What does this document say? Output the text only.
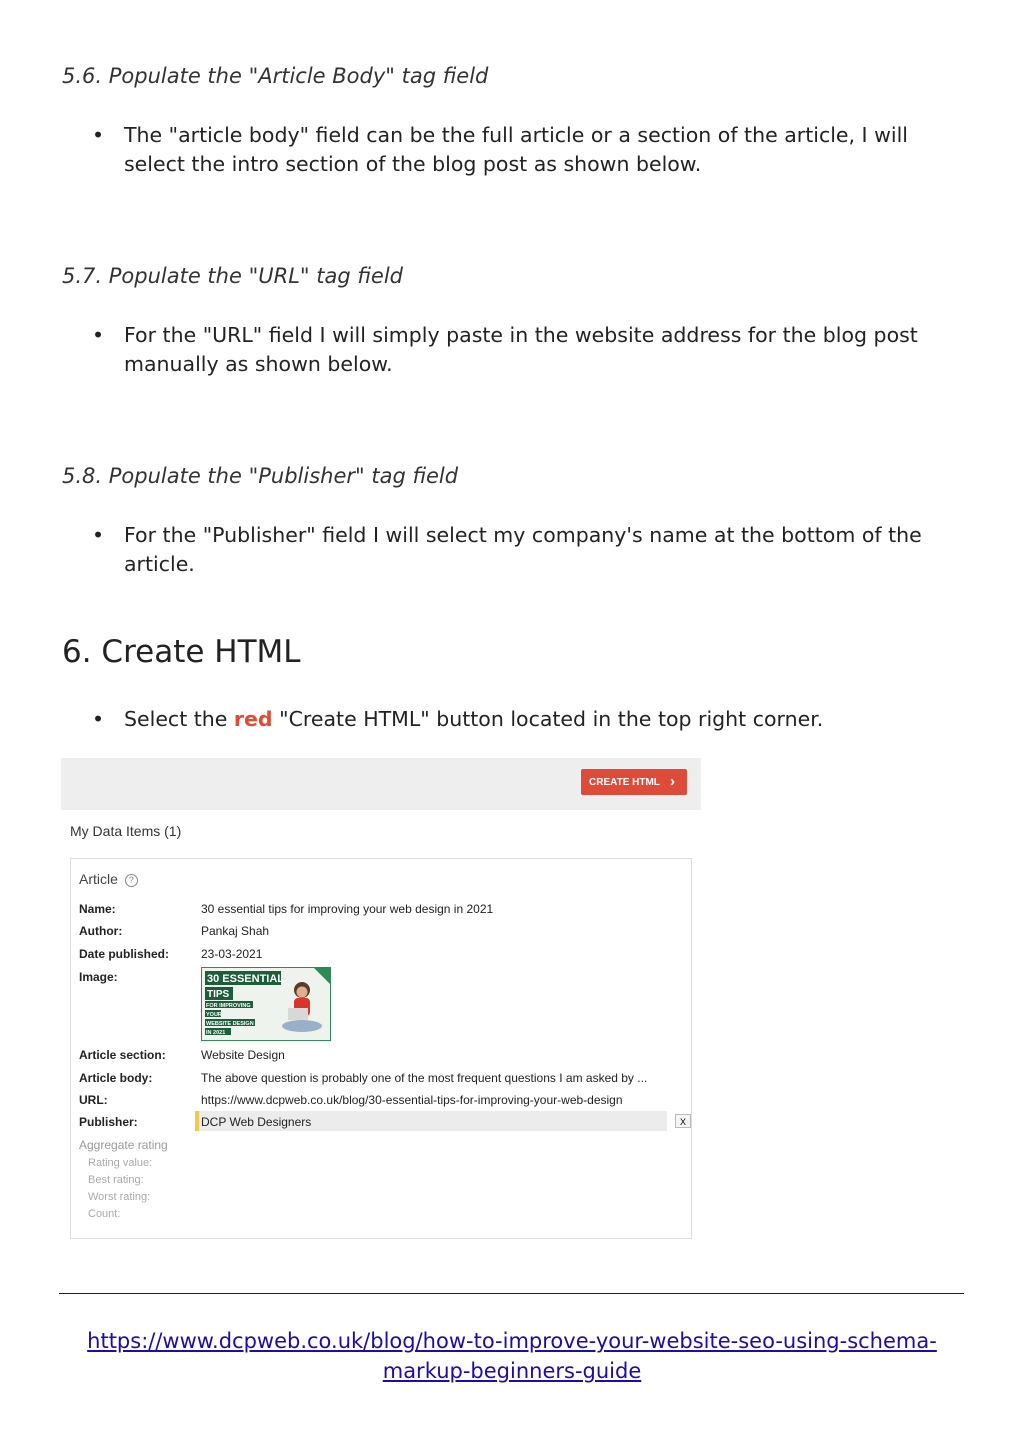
5.6. Populate the "Article Body" tag field
• The "article body" field can be the full article or a section of the article, I will select the intro section of the blog post as shown below.
5.7. Populate the "URL" tag field
• For the "URL" field I will simply paste in the website address for the blog post manually as shown below.
5.8. Populate the "Publisher" tag field
• For the "Publisher" field I will select my company's name at the bottom of the article.
6. Create HTML
• Select the red "Create HTML" button located in the top right corner.
CREATE HTML ›
My Data Items (1)
Article ?
Name:	30 essential tips for improving your web design in 2021
Author:	Pankaj Shah
Date published:	23-03-2021
Image:	30 ESSENTIAL
TIPS
FOR IMPROVING
YOUR
WEBSITE DESIGN
IN 2021
Article section:	Website Design
Article body:	The above question is probably one of the most frequent questions I am asked by ...
URL:	https://www.dcpweb.co.uk/blog/30-essential-tips-for-improving-your-web-design
Publisher:	DCP Web Designers	X
Aggregate rating
Rating value:
Best rating:
Worst rating:
Count:
https://www.dcpweb.co.uk/blog/how-to-improve-your-website-seo-using-schema-markup-beginners-guide
